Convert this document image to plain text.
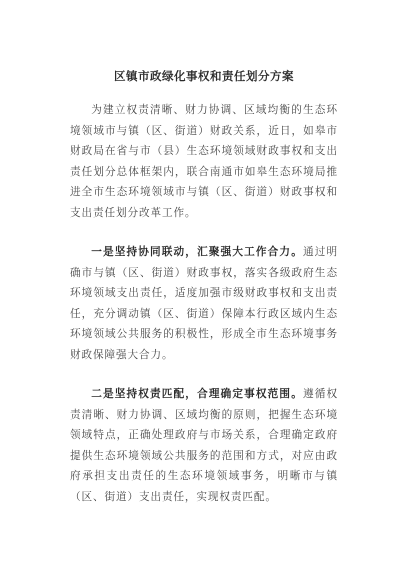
区镇市政绿化事权和责任划分方案

为建立权责清晰、财力协调、区域均衡的生态环境领域市与镇（区、街道）财政关系，近日，如皋市财政局在省与市（县）生态环境领域财政事权和支出责任划分总体框架内，联合南通市如皋生态环境局推进全市生态环境领域市与镇（区、街道）财政事权和支出责任划分改革工作。

一是坚持协同联动，汇聚强大工作合力。通过明确市与镇（区、街道）财政事权，落实各级政府生态环境领域支出责任，适度加强市级财政事权和支出责任，充分调动镇（区、街道）保障本行政区域内生态环境领域公共服务的积极性，形成全市生态环境事务财政保障强大合力。

二是坚持权责匹配，合理确定事权范围。遵循权责清晰、财力协调、区域均衡的原则，把握生态环境领域特点，正确处理政府与市场关系，合理确定政府提供生态环境领域公共服务的范围和方式，对应由政府承担支出责任的生态环境领域事务，明晰市与镇（区、街道）支出责任，实现权责匹配。
